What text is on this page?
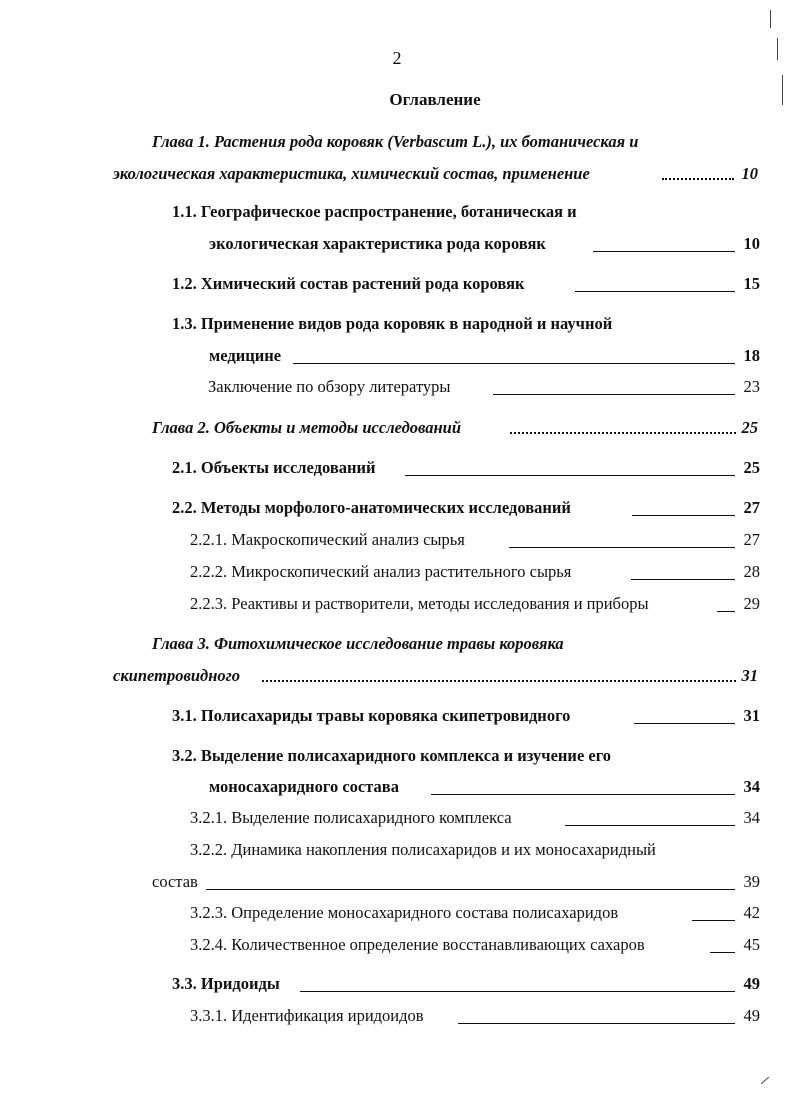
2
Оглавление
Глава 1. Растения рода коровяк (Verbascum L.), их ботаническая и
экологическая характеристика, химический состав, применение	10
1.1. Географическое распространение, ботаническая и
экологическая характеристика рода коровяк	10
1.2. Химический состав растений рода коровяк	15
1.3. Применение видов рода коровяк в народной и научной
медицине	18
Заключение по обзору литературы	23
Глава 2. Объекты и методы исследований	25
2.1. Объекты исследований	25
2.2. Методы морфолого-анатомических исследований	27
2.2.1. Макроскопический анализ сырья	27
2.2.2. Микроскопический анализ растительного сырья	28
2.2.3. Реактивы и растворители, методы исследования и приборы	29
Глава 3. Фитохимическое исследование травы коровяка
скипетровидного	31
3.1. Полисахариды травы коровяка скипетровидного	31
3.2. Выделение полисахаридного комплекса и изучение его
моносахаридного состава	34
3.2.1. Выделение полисахаридного комплекса	34
3.2.2. Динамика накопления полисахаридов и их моносахаридный
состав	39
3.2.3. Определение моносахаридного состава полисахаридов	42
3.2.4. Количественное определение восстанавливающих сахаров	45
3.3. Иридоиды	49
3.3.1. Идентификация иридоидов	49
